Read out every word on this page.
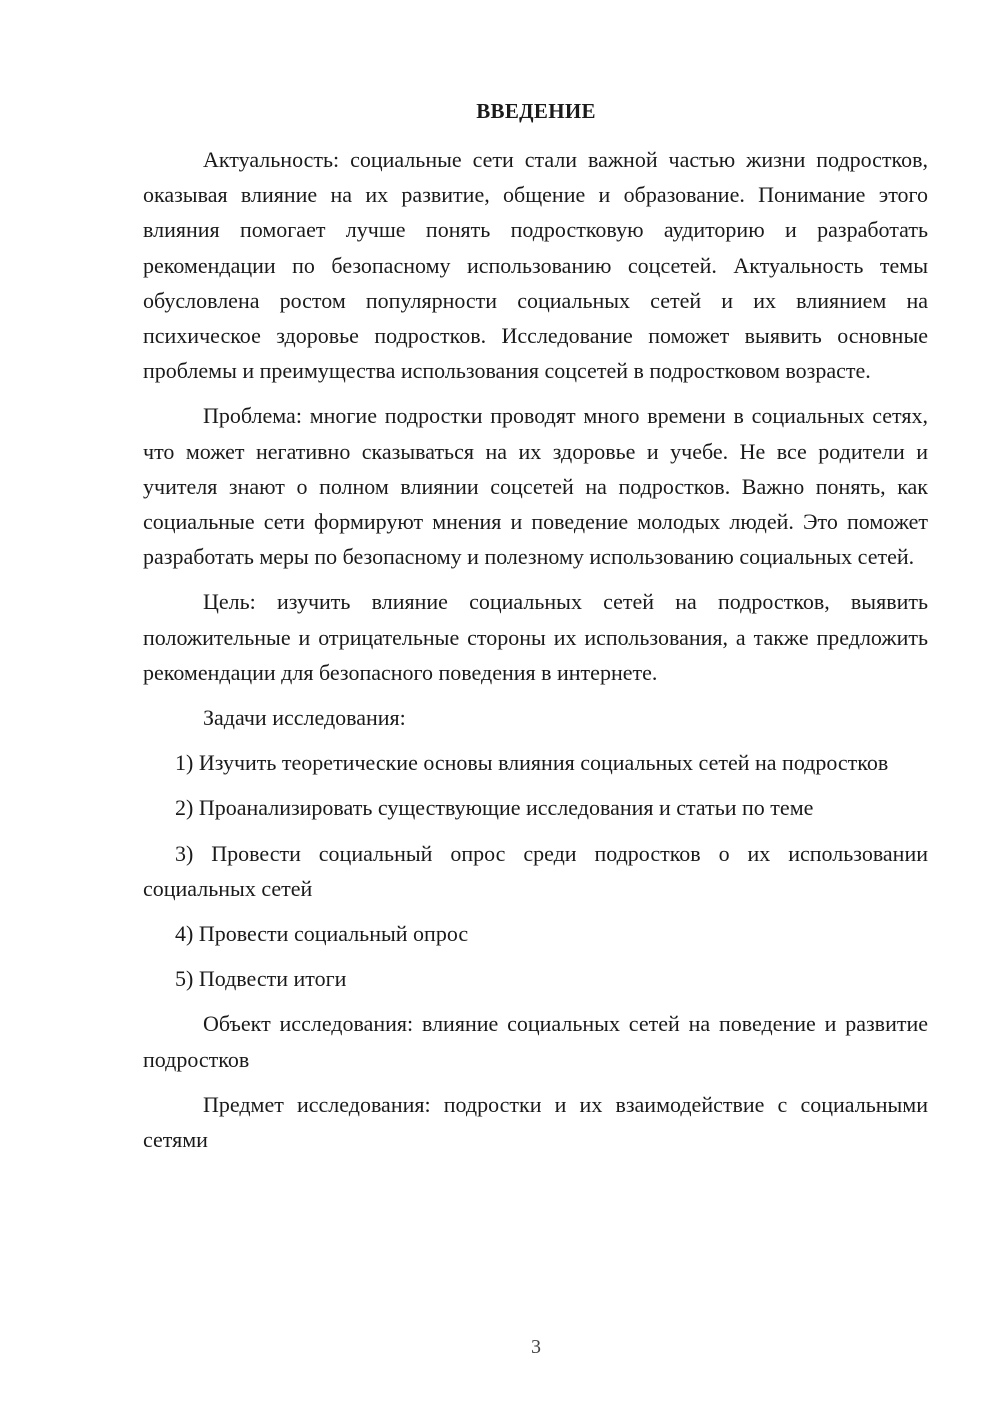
ВВЕДЕНИЕ

Актуальность: социальные сети стали важной частью жизни подростков, оказывая влияние на их развитие, общение и образование. Понимание этого влияния помогает лучше понять подростковую аудиторию и разработать рекомендации по безопасному использованию соцсетей. Актуальность темы обусловлена ростом популярности социальных сетей и их влиянием на психическое здоровье подростков. Исследование поможет выявить основные проблемы и преимущества использования соцсетей в подростковом возрасте.

Проблема: многие подростки проводят много времени в социальных сетях, что может негативно сказываться на их здоровье и учебе. Не все родители и учителя знают о полном влиянии соцсетей на подростков. Важно понять, как социальные сети формируют мнения и поведение молодых людей. Это поможет разработать меры по безопасному и полезному использованию социальных сетей.

Цель: изучить влияние социальных сетей на подростков, выявить положительные и отрицательные стороны их использования, а также предложить рекомендации для безопасного поведения в интернете.

Задачи исследования:

1) Изучить теоретические основы влияния социальных сетей на подростков

2) Проанализировать существующие исследования и статьи по теме

3) Провести социальный опрос среди подростков о их использовании социальных сетей

4) Провести социальный опрос

5) Подвести итоги

Объект исследования: влияние социальных сетей на поведение и развитие подростков

Предмет исследования: подростки и их взаимодействие с социальными сетями

3
